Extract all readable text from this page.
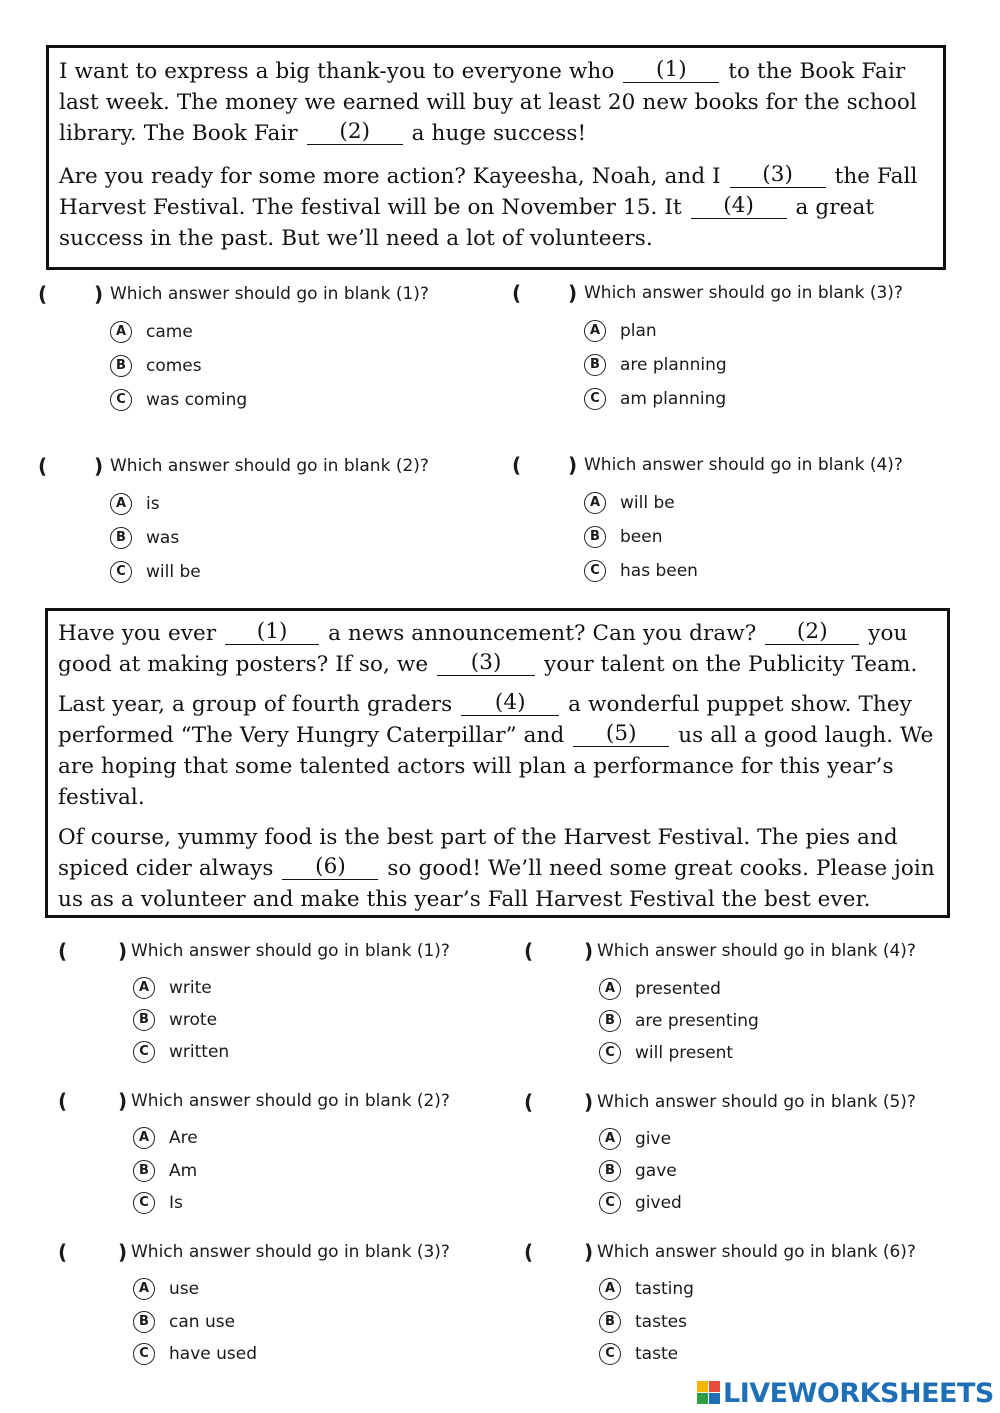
I want to express a big thank-you to everyone who (1) to the Book Fair last week. The money we earned will buy at least 20 new books for the school library. The Book Fair (2) a huge success!

Are you ready for some more action? Kayeesha, Noah, and I (3) the Fall Harvest Festival. The festival will be on November 15. It (4) a great success in the past. But we’ll need a lot of volunteers.

( ) Which answer should go in blank (1)?
A came
B comes
C was coming
( ) Which answer should go in blank (3)?
A plan
B are planning
C am planning
( ) Which answer should go in blank (2)?
A is
B was
C will be
( ) Which answer should go in blank (4)?
A will be
B been
C has been

Have you ever (1) a news announcement? Can you draw? (2) you good at making posters? If so, we (3) your talent on the Publicity Team.

Last year, a group of fourth graders (4) a wonderful puppet show. They performed “The Very Hungry Caterpillar” and (5) us all a good laugh. We are hoping that some talented actors will plan a performance for this year’s festival.

Of course, yummy food is the best part of the Harvest Festival. The pies and spiced cider always (6) so good! We’ll need some great cooks. Please join us as a volunteer and make this year’s Fall Harvest Festival the best ever.

(	) Which answer should go in blank (1)?
A write
B wrote
C written
(	) Which answer should go in blank (4)?
A presented
B are presenting
C will present
(	) Which answer should go in blank (2)?
A Are
B Am
C Is
(	) Which answer should go in blank (5)?
A give
B gave
C gived
(	) Which answer should go in blank (3)?
A use
B can use
C have used
(	) Which answer should go in blank (6)?
A tasting
B tastes
C taste
LIVEWORKSHEETS
